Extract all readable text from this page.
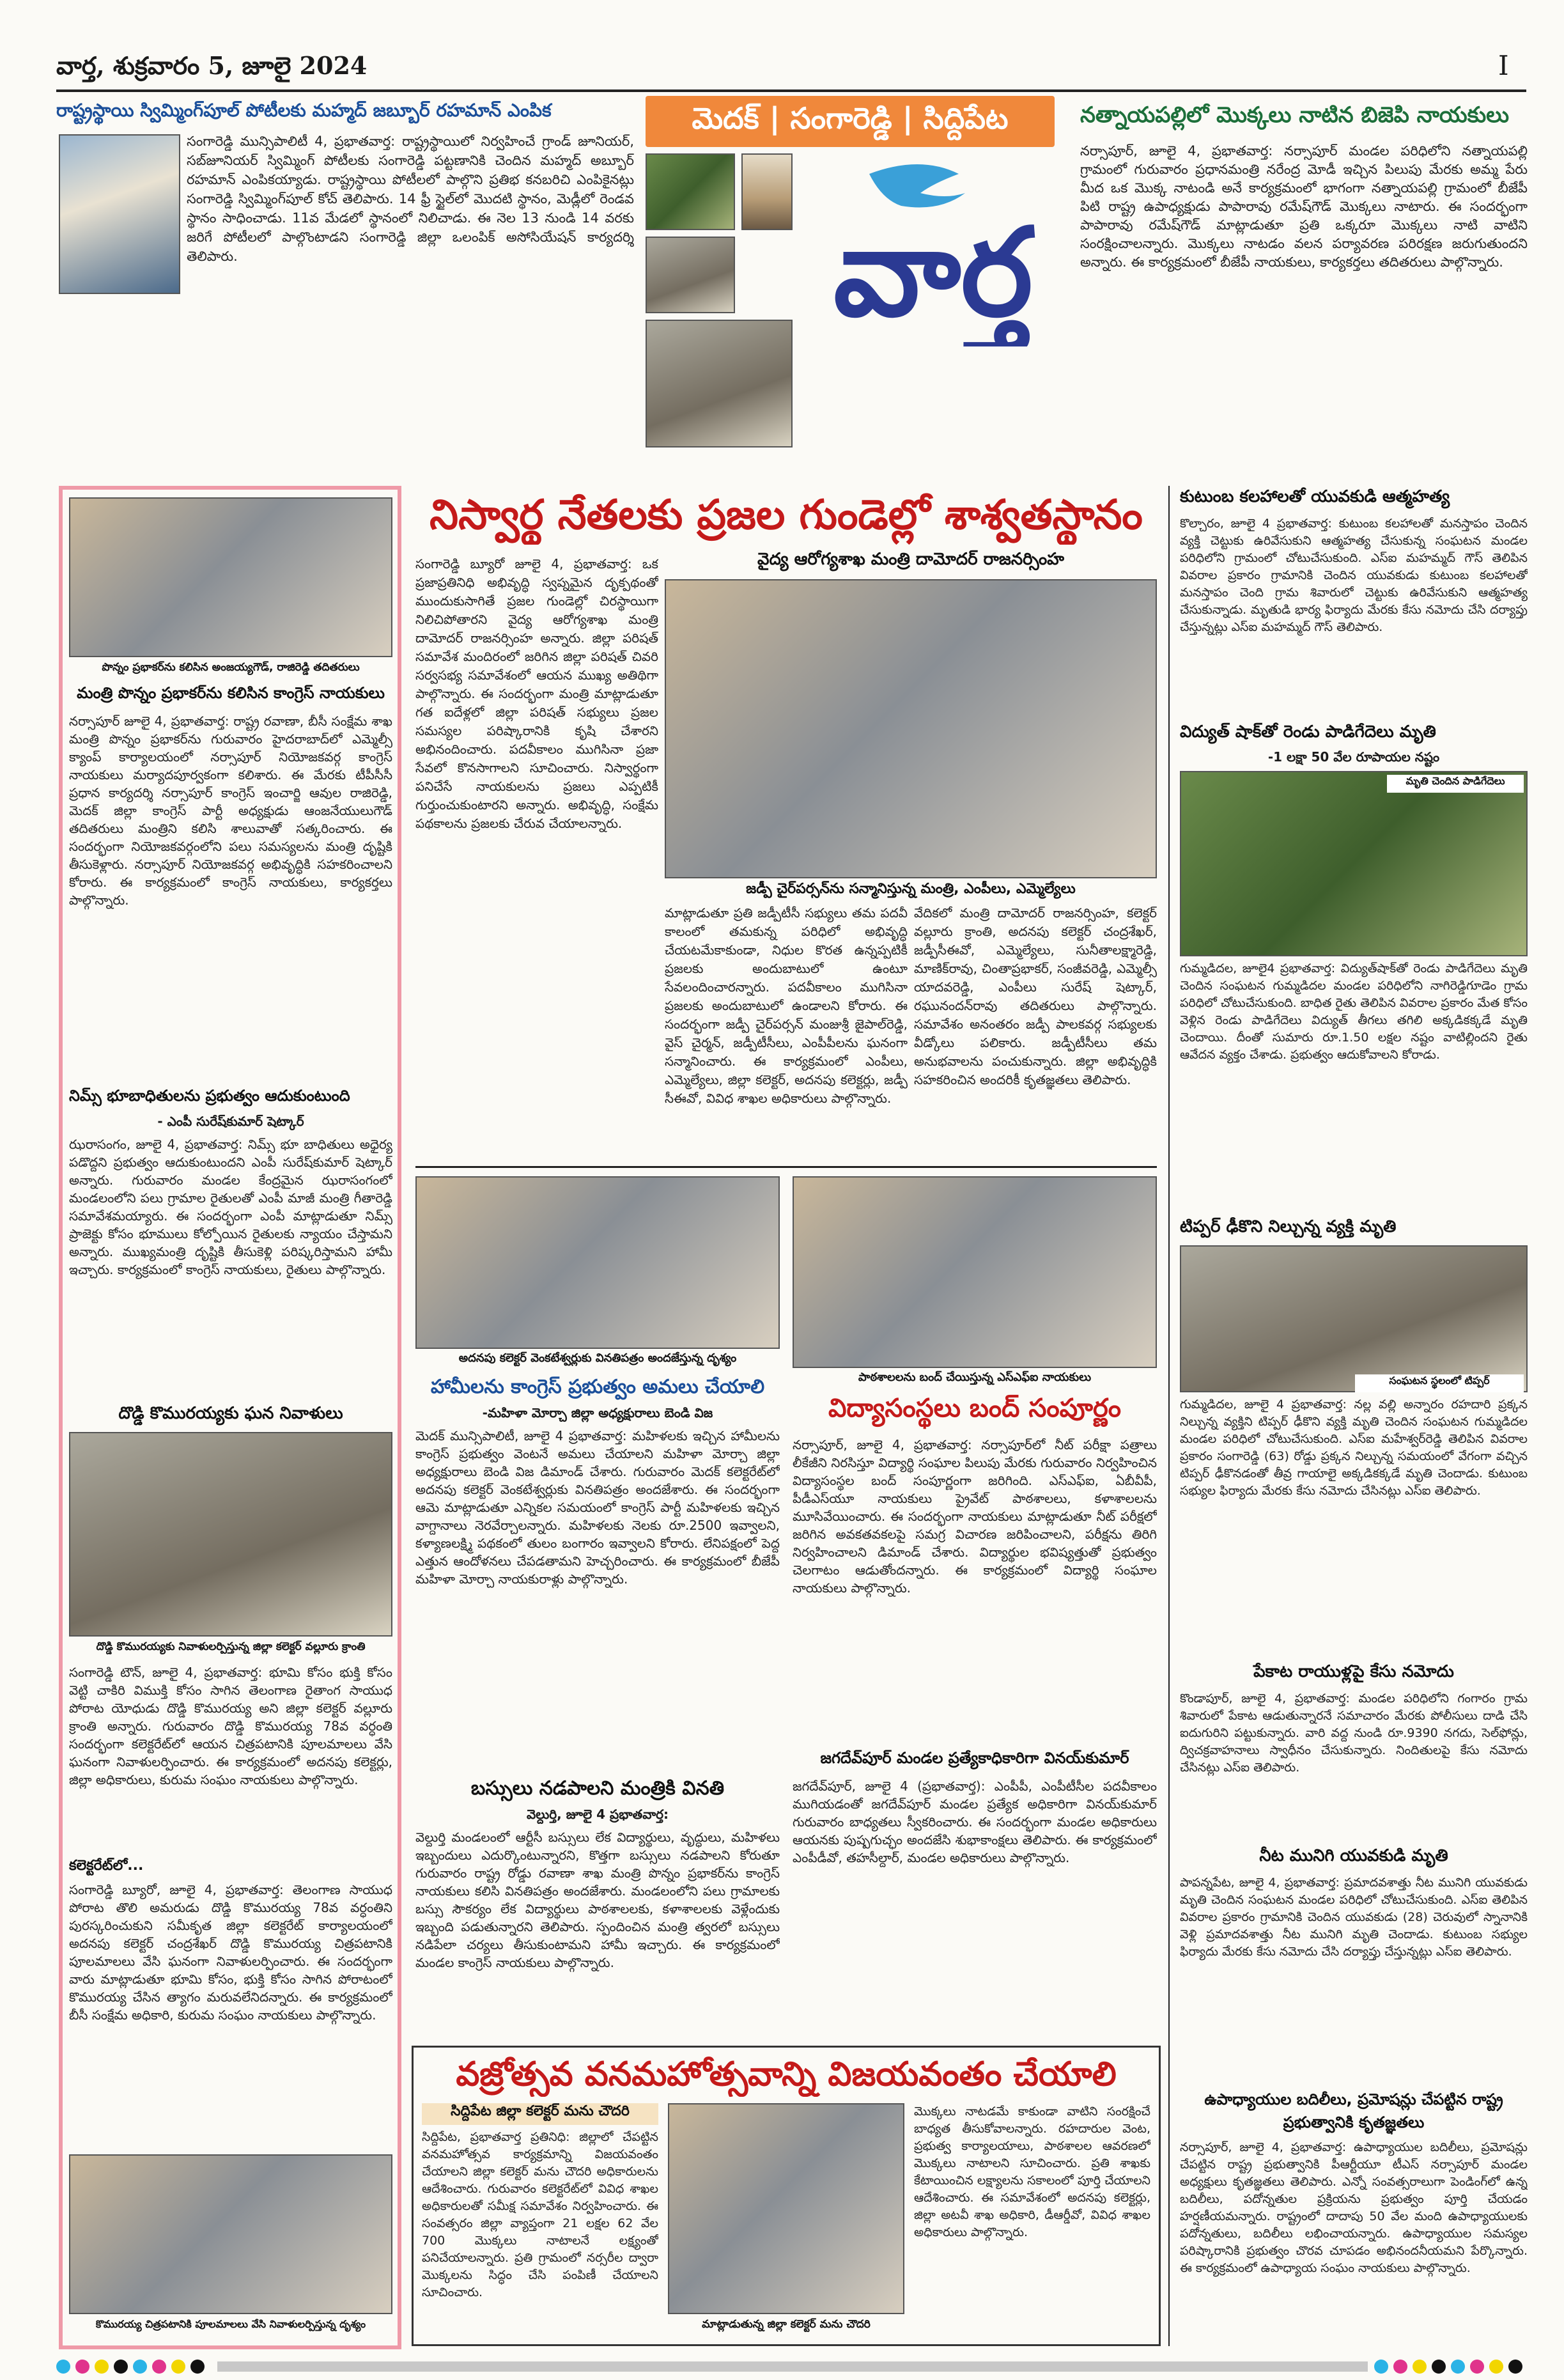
వార్త, శుక్రవారం 5, జూలై 2024	I
రాష్ట్రస్థాయి స్విమ్మింగ్‌పూల్ పోటీలకు మహ్మద్ జబ్బూర్ రహమాన్ ఎంపిక
సంగారెడ్డి మున్సిపాలిటీ 4, ప్రభాతవార్త: రాష్ట్రస్థాయిలో నిర్వహించే గ్రాండ్ జూనియర్, సబ్‌జూనియర్ స్విమ్మింగ్ పోటీలకు సంగారెడ్డి పట్టణానికి చెందిన మహ్మద్ అబ్బూర్ రహమాన్ ఎంపికయ్యాడు. రాష్ట్రస్థాయి పోటీలలో పాల్గొని ప్రతిభ కనబరిచి ఎంపికైనట్లు సంగారెడ్డి స్విమ్మింగ్‌పూల్ కోచ్ తెలిపారు. 14 ఫ్రీ స్టైల్‌లో మొదటి స్థానం, మెడ్లీలో రెండవ స్థానం సాధించాడు. 11వ మేడలో స్థానంలో నిలిచాడు. ఈ నెల 13 నుండి 14 వరకు జరిగే పోటీలలో పాల్గొంటాడని సంగారెడ్డి జిల్లా ఒలంపిక్ అసోసియేషన్ కార్యదర్శి తెలిపారు.
మెదక్ | సంగారెడ్డి | సిద్దిపేట
వార్త
నత్నాయపల్లిలో మొక్కలు నాటిన బిజెపి నాయకులు
నర్సాపూర్, జూలై 4, ప్రభాతవార్త: నర్సాపూర్ మండల పరిధిలోని నత్నాయపల్లి గ్రామంలో గురువారం ప్రధానమంత్రి నరేంద్ర మోడీ ఇచ్చిన పిలుపు మేరకు అమ్మ పేరు మీద ఒక మొక్క నాటండి అనే కార్యక్రమంలో భాగంగా నత్నాయపల్లి గ్రామంలో బీజేపీ పిటి రాష్ట్ర ఉపాధ్యక్షుడు పాపారావు రమేష్‌గౌడ్ మొక్కలు నాటారు. ఈ సందర్భంగా పాపారావు రమేష్‌గౌడ్ మాట్లాడుతూ ప్రతి ఒక్కరూ మొక్కలు నాటి వాటిని సంరక్షించాలన్నారు. మొక్కలు నాటడం వలన పర్యావరణ పరిరక్షణ జరుగుతుందని అన్నారు. ఈ కార్యక్రమంలో బీజేపీ నాయకులు, కార్యకర్తలు తదితరులు పాల్గొన్నారు.
పొన్నం ప్రభాకర్‌ను కలిసిన అంజయ్యగౌడ్, రాజిరెడ్డి తదితరులు
మంత్రి పొన్నం ప్రభాకర్‌ను కలిసిన కాంగ్రెస్ నాయకులు
నర్సాపూర్ జూలై 4, ప్రభాతవార్త: రాష్ట్ర రవాణా, బీసీ సంక్షేమ శాఖ మంత్రి పొన్నం ప్రభాకర్‌ను గురువారం హైదరాబాద్‌లో ఎమ్మెల్సీ క్యాంప్ కార్యాలయంలో నర్సాపూర్ నియోజకవర్గ కాంగ్రెస్ నాయకులు మర్యాదపూర్వకంగా కలిశారు. ఈ మేరకు టీపీసీసీ ప్రధాన కార్యదర్శి నర్సాపూర్ కాంగ్రెస్ ఇంచార్జి ఆవుల రాజిరెడ్డి, మెదక్ జిల్లా కాంగ్రెస్ పార్టీ అధ్యక్షుడు ఆంజనేయులుగౌడ్ తదితరులు మంత్రిని కలిసి శాలువాతో సత్కరించారు. ఈ సందర్భంగా నియోజకవర్గంలోని పలు సమస్యలను మంత్రి దృష్టికి తీసుకెళ్లారు. నర్సాపూర్ నియోజకవర్గ అభివృద్ధికి సహకరించాలని కోరారు. ఈ కార్యక్రమంలో కాంగ్రెస్ నాయకులు, కార్యకర్తలు పాల్గొన్నారు.
నిమ్స్ భూబాధితులను ప్రభుత్వం ఆదుకుంటుంది
- ఎంపీ సురేష్‌కుమార్ షెట్కార్
ఝరాసంగం, జూలై 4, ప్రభాతవార్త: నిమ్స్ భూ బాధితులు అధైర్య పడొద్దని ప్రభుత్వం ఆదుకుంటుందని ఎంపీ సురేష్‌కుమార్ షెట్కార్ అన్నారు. గురువారం మండల కేంద్రమైన ఝరాసంగంలో మండలంలోని పలు గ్రామాల రైతులతో ఎంపీ మాజీ మంత్రి గీతారెడ్డి సమావేశమయ్యారు. ఈ సందర్భంగా ఎంపీ మాట్లాడుతూ నిమ్స్ ప్రాజెక్టు కోసం భూములు కోల్పోయిన రైతులకు న్యాయం చేస్తామని అన్నారు. ముఖ్యమంత్రి దృష్టికి తీసుకెళ్లి పరిష్కరిస్తామని హామీ ఇచ్చారు. కార్యక్రమంలో కాంగ్రెస్ నాయకులు, రైతులు పాల్గొన్నారు.
దొడ్డి కొమురయ్యకు ఘన నివాళులు
దొడ్డి కొమురయ్యకు నివాళులర్పిస్తున్న జిల్లా కలెక్టర్ వల్లూరు క్రాంతి
సంగారెడ్డి టౌన్, జూలై 4, ప్రభాతవార్త: భూమి కోసం భుక్తి కోసం వెట్టి చాకిరి విముక్తి కోసం సాగిన తెలంగాణ రైతాంగ సాయుధ పోరాట యోధుడు దొడ్డి కొమురయ్య అని జిల్లా కలెక్టర్ వల్లూరు క్రాంతి అన్నారు. గురువారం దొడ్డి కొమురయ్య 78వ వర్ధంతి సందర్భంగా కలెక్టరేట్‌లో ఆయన చిత్రపటానికి పూలమాలలు వేసి ఘనంగా నివాళులర్పించారు. ఈ కార్యక్రమంలో అదనపు కలెక్టర్లు, జిల్లా అధికారులు, కురుమ సంఘం నాయకులు పాల్గొన్నారు.
కలెక్టరేట్‌లో...
సంగారెడ్డి బ్యూరో, జూలై 4, ప్రభాతవార్త: తెలంగాణ సాయుధ పోరాట తొలి అమరుడు దొడ్డి కొమురయ్య 78వ వర్ధంతిని పురస్కరించుకుని సమీకృత జిల్లా కలెక్టరేట్ కార్యాలయంలో అదనపు కలెక్టర్ చంద్రశేఖర్ దొడ్డి కొమురయ్య చిత్రపటానికి పూలమాలలు వేసి ఘనంగా నివాళులర్పించారు. ఈ సందర్భంగా వారు మాట్లాడుతూ భూమి కోసం, భుక్తి కోసం సాగిన పోరాటంలో కొమురయ్య చేసిన త్యాగం మరువలేనిదన్నారు. ఈ కార్యక్రమంలో బీసీ సంక్షేమ అధికారి, కురుమ సంఘం నాయకులు పాల్గొన్నారు.
కొమురయ్య చిత్రపటానికి పూలమాలలు వేసి నివాళులర్పిస్తున్న దృశ్యం
నిస్వార్థ నేతలకు ప్రజల గుండెల్లో శాశ్వతస్థానం
సంగారెడ్డి బ్యూరో జూలై 4, ప్రభాతవార్త: ఒక ప్రజాప్రతినిధి అభివృద్ధి స్వప్నమైన దృక్పథంతో ముందుకుసాగితే ప్రజల గుండెల్లో చిరస్థాయిగా నిలిచిపోతారని వైద్య ఆరోగ్యశాఖ మంత్రి దామోదర్ రాజనర్సింహ అన్నారు. జిల్లా పరిషత్ సమావేశ మందిరంలో జరిగిన జిల్లా పరిషత్ చివరి సర్వసభ్య సమావేశంలో ఆయన ముఖ్య అతిథిగా పాల్గొన్నారు. ఈ సందర్భంగా మంత్రి మాట్లాడుతూ గత ఐదేళ్లలో జిల్లా పరిషత్ సభ్యులు ప్రజల సమస్యల పరిష్కారానికి కృషి చేశారని అభినందించారు. పదవీకాలం ముగిసినా ప్రజా సేవలో కొనసాగాలని సూచించారు. నిస్వార్థంగా పనిచేసే నాయకులను ప్రజలు ఎప్పటికీ గుర్తుంచుకుంటారని అన్నారు. అభివృద్ధి, సంక్షేమ పథకాలను ప్రజలకు చేరువ చేయాలన్నారు.
వైద్య ఆరోగ్యశాఖ మంత్రి దామోదర్ రాజనర్సింహ
జడ్పీ చైర్‌పర్సన్‌ను సన్మానిస్తున్న మంత్రి, ఎంపీలు, ఎమ్మెల్యేలు
మాట్లాడుతూ ప్రతి జడ్పీటీసీ సభ్యులు తమ పదవీ కాలంలో తమకున్న పరిధిలో అభివృద్ధి చేయటమేకాకుండా, నిధుల కొరత ఉన్నప్పటికీ ప్రజలకు అందుబాటులో ఉంటూ సేవలందించారన్నారు. పదవీకాలం ముగిసినా ప్రజలకు అందుబాటులో ఉండాలని కోరారు. ఈ సందర్భంగా జడ్పీ చైర్‌పర్సన్ మంజుశ్రీ జైపాల్‌రెడ్డి, వైస్ చైర్మన్, జడ్పీటీసీలు, ఎంపీపీలను ఘనంగా సన్మానించారు. ఈ కార్యక్రమంలో ఎంపీలు, ఎమ్మెల్యేలు, జిల్లా కలెక్టర్, అదనపు కలెక్టర్లు, జడ్పీ సీఈవో, వివిధ శాఖల అధికారులు పాల్గొన్నారు.
వేదికలో మంత్రి దామోదర్ రాజనర్సింహ, కలెక్టర్ వల్లూరు క్రాంతి, అదనపు కలెక్టర్ చంద్రశేఖర్, జడ్పీసీఈవో, ఎమ్మెల్యేలు, సునీతాలక్ష్మారెడ్డి, మాణిక్‌రావు, చింతాప్రభాకర్, సంజీవరెడ్డి, ఎమ్మెల్సీ యాదవరెడ్డి, ఎంపీలు సురేష్ షెట్కార్, రఘునందన్‌రావు తదితరులు పాల్గొన్నారు. సమావేశం అనంతరం జడ్పీ పాలకవర్గ సభ్యులకు వీడ్కోలు పలికారు. జడ్పీటీసీలు తమ అనుభవాలను పంచుకున్నారు. జిల్లా అభివృద్ధికి సహకరించిన అందరికీ కృతజ్ఞతలు తెలిపారు.
అదనపు కలెక్టర్ వెంకటేశ్వర్లుకు వినతిపత్రం అందజేస్తున్న దృశ్యం
హామీలను కాంగ్రెస్ ప్రభుత్వం అమలు చేయాలి
-మహిళా మోర్చా జిల్లా అధ్యక్షురాలు బెండి విజ
మెదక్ మున్సిపాలిటీ, జూలై 4 ప్రభాతవార్త: మహిళలకు ఇచ్చిన హామీలను కాంగ్రెస్ ప్రభుత్వం వెంటనే అమలు చేయాలని మహిళా మోర్చా జిల్లా అధ్యక్షురాలు బెండి విజ డిమాండ్ చేశారు. గురువారం మెదక్ కలెక్టరేట్‌లో అదనపు కలెక్టర్ వెంకటేశ్వర్లుకు వినతిపత్రం అందజేశారు. ఈ సందర్భంగా ఆమె మాట్లాడుతూ ఎన్నికల సమయంలో కాంగ్రెస్ పార్టీ మహిళలకు ఇచ్చిన వాగ్దానాలు నెరవేర్చాలన్నారు. మహిళలకు నెలకు రూ.2500 ఇవ్వాలని, కళ్యాణలక్ష్మి పథకంలో తులం బంగారం ఇవ్వాలని కోరారు. లేనిపక్షంలో పెద్ద ఎత్తున ఆందోళనలు చేపడతామని హెచ్చరించారు. ఈ కార్యక్రమంలో బీజేపీ మహిళా మోర్చా నాయకురాళ్లు పాల్గొన్నారు.
బస్సులు నడపాలని మంత్రికి వినతి
వెల్దుర్తి, జూలై 4 ప్రభాతవార్త:
వెల్దుర్తి మండలంలో ఆర్టీసీ బస్సులు లేక విద్యార్థులు, వృద్ధులు, మహిళలు ఇబ్బందులు ఎదుర్కొంటున్నారని, కొత్తగా బస్సులు నడపాలని కోరుతూ గురువారం రాష్ట్ర రోడ్డు రవాణా శాఖ మంత్రి పొన్నం ప్రభాకర్‌ను కాంగ్రెస్ నాయకులు కలిసి వినతిపత్రం అందజేశారు. మండలంలోని పలు గ్రామాలకు బస్సు సౌకర్యం లేక విద్యార్థులు పాఠశాలలకు, కళాశాలలకు వెళ్లేందుకు ఇబ్బంది పడుతున్నారని తెలిపారు. స్పందించిన మంత్రి త్వరలో బస్సులు నడిపేలా చర్యలు తీసుకుంటామని హామీ ఇచ్చారు. ఈ కార్యక్రమంలో మండల కాంగ్రెస్ నాయకులు పాల్గొన్నారు.
పాఠశాలలను బంద్ చేయిస్తున్న ఎస్ఎఫ్ఐ నాయకులు
విద్యాసంస్థలు బంద్ సంపూర్ణం
నర్సాపూర్, జూలై 4, ప్రభాతవార్త: నర్సాపూర్‌లో నీట్ పరీక్షా పత్రాలు లీకేజీని నిరసిస్తూ విద్యార్థి సంఘాల పిలుపు మేరకు గురువారం నిర్వహించిన విద్యాసంస్థల బంద్ సంపూర్ణంగా జరిగింది. ఎస్ఎఫ్ఐ, ఏబీవీపీ, పీడీఎస్‌యూ నాయకులు ప్రైవేట్ పాఠశాలలు, కళాశాలలను మూసివేయించారు. ఈ సందర్భంగా నాయకులు మాట్లాడుతూ నీట్ పరీక్షలో జరిగిన అవకతవకలపై సమగ్ర విచారణ జరిపించాలని, పరీక్షను తిరిగి నిర్వహించాలని డిమాండ్ చేశారు. విద్యార్థుల భవిష్యత్తుతో ప్రభుత్వం చెలగాటం ఆడుతోందన్నారు. ఈ కార్యక్రమంలో విద్యార్థి సంఘాల నాయకులు పాల్గొన్నారు.
జగదేవ్‌పూర్ మండల ప్రత్యేకాధికారిగా వినయ్‌కుమార్
జగదేవ్‌పూర్, జూలై 4 (ప్రభాతవార్త): ఎంపీపీ, ఎంపీటీసీల పదవీకాలం ముగియడంతో జగదేవ్‌పూర్ మండల ప్రత్యేక అధికారిగా వినయ్‌కుమార్ గురువారం బాధ్యతలు స్వీకరించారు. ఈ సందర్భంగా మండల అధికారులు ఆయనకు పుష్పగుచ్ఛం అందజేసి శుభాకాంక్షలు తెలిపారు. ఈ కార్యక్రమంలో ఎంపీడీవో, తహసీల్దార్, మండల అధికారులు పాల్గొన్నారు.
వజ్రోత్సవ వనమహోత్సవాన్ని విజయవంతం చేయాలి
సిద్దిపేట జిల్లా కలెక్టర్ మను చౌదరి
సిద్దిపేట, ప్రభాతవార్త ప్రతినిధి: జిల్లాలో చేపట్టిన వనమహోత్సవ కార్యక్రమాన్ని విజయవంతం చేయాలని జిల్లా కలెక్టర్ మను చౌదరి అధికారులను ఆదేశించారు. గురువారం కలెక్టరేట్‌లో వివిధ శాఖల అధికారులతో సమీక్ష సమావేశం నిర్వహించారు. ఈ సంవత్సరం జిల్లా వ్యాప్తంగా 21 లక్షల 62 వేల 700 మొక్కలు నాటాలనే లక్ష్యంతో పనిచేయాలన్నారు. ప్రతి గ్రామంలో నర్సరీల ద్వారా మొక్కలను సిద్ధం చేసి పంపిణీ చేయాలని సూచించారు.
మాట్లాడుతున్న జిల్లా కలెక్టర్ మను చౌదరి
మొక్కలు నాటడమే కాకుండా వాటిని సంరక్షించే బాధ్యత తీసుకోవాలన్నారు. రహదారుల వెంట, ప్రభుత్వ కార్యాలయాలు, పాఠశాలల ఆవరణలో మొక్కలు నాటాలని సూచించారు. ప్రతి శాఖకు కేటాయించిన లక్ష్యాలను సకాలంలో పూర్తి చేయాలని ఆదేశించారు. ఈ సమావేశంలో అదనపు కలెక్టర్లు, జిల్లా అటవీ శాఖ అధికారి, డీఆర్డీవో, వివిధ శాఖల అధికారులు పాల్గొన్నారు.
కుటుంబ కలహాలతో యువకుడి ఆత్మహత్య
కొల్చారం, జూలై 4 ప్రభాతవార్త: కుటుంబ కలహాలతో మనస్తాపం చెందిన వ్యక్తి చెట్టుకు ఉరివేసుకుని ఆత్మహత్య చేసుకున్న సంఘటన మండల పరిధిలోని గ్రామంలో చోటుచేసుకుంది. ఎస్ఐ మహమ్మద్ గౌస్ తెలిపిన వివరాల ప్రకారం గ్రామానికి చెందిన యువకుడు కుటుంబ కలహాలతో మనస్తాపం చెంది గ్రామ శివారులో చెట్టుకు ఉరివేసుకుని ఆత్మహత్య చేసుకున్నాడు. మృతుడి భార్య ఫిర్యాదు మేరకు కేసు నమోదు చేసి దర్యాప్తు చేస్తున్నట్లు ఎస్ఐ మహమ్మద్ గౌస్ తెలిపారు.
విద్యుత్ షాక్‌తో రెండు పాడిగేదెలు మృతి
-1 లక్షా 50 వేల రూపాయల నష్టం
మృతి చెందిన పాడిగేదెలు
గుమ్మడిదల, జూలై4 ప్రభాతవార్త: విద్యుత్‌షాక్‌తో రెండు పాడిగేదెలు మృతి చెందిన సంఘటన గుమ్మడిదల మండల పరిధిలోని నాగిరెడ్డిగూడెం గ్రామ పరిధిలో చోటుచేసుకుంది. బాధిత రైతు తెలిపిన వివరాల ప్రకారం మేత కోసం వెళ్లిన రెండు పాడిగేదెలు విద్యుత్ తీగలు తగిలి అక్కడికక్కడే మృతి చెందాయి. దీంతో సుమారు రూ.1.50 లక్షల నష్టం వాటిల్లిందని రైతు ఆవేదన వ్యక్తం చేశాడు. ప్రభుత్వం ఆదుకోవాలని కోరాడు.
టిప్పర్ ఢీకొని నిల్చున్న వ్యక్తి మృతి
సంఘటన స్థలంలో టిప్పర్
గుమ్మడిదల, జూలై 4 ప్రభాతవార్త: నల్ల వల్లి అన్నారం రహదారి ప్రక్కన నిల్చున్న వ్యక్తిని టిప్పర్ ఢీకొని వ్యక్తి మృతి చెందిన సంఘటన గుమ్మడిదల మండల పరిధిలో చోటుచేసుకుంది. ఎస్ఐ మహేశ్వర్‌రెడ్డి తెలిపిన వివరాల ప్రకారం సంగారెడ్డి (63) రోడ్డు ప్రక్కన నిల్చున్న సమయంలో వేగంగా వచ్చిన టిప్పర్ ఢీకొనడంతో తీవ్ర గాయాలై అక్కడికక్కడే మృతి చెందాడు. కుటుంబ సభ్యుల ఫిర్యాదు మేరకు కేసు నమోదు చేసినట్లు ఎస్ఐ తెలిపారు.
పేకాట రాయుళ్లపై కేసు నమోదు
కొండాపూర్, జూలై 4, ప్రభాతవార్త: మండల పరిధిలోని గంగారం గ్రామ శివారులో పేకాట ఆడుతున్నారనే సమాచారం మేరకు పోలీసులు దాడి చేసి ఐదుగురిని పట్టుకున్నారు. వారి వద్ద నుండి రూ.9390 నగదు, సెల్‌ఫోన్లు, ద్విచక్రవాహనాలు స్వాధీనం చేసుకున్నారు. నిందితులపై కేసు నమోదు చేసినట్లు ఎస్ఐ తెలిపారు.
నీట మునిగి యువకుడి మృతి
పాపన్నపేట, జూలై 4, ప్రభాతవార్త: ప్రమాదవశాత్తు నీట మునిగి యువకుడు మృతి చెందిన సంఘటన మండల పరిధిలో చోటుచేసుకుంది. ఎస్ఐ తెలిపిన వివరాల ప్రకారం గ్రామానికి చెందిన యువకుడు (28) చెరువులో స్నానానికి వెళ్లి ప్రమాదవశాత్తు నీట మునిగి మృతి చెందాడు. కుటుంబ సభ్యుల ఫిర్యాదు మేరకు కేసు నమోదు చేసి దర్యాప్తు చేస్తున్నట్లు ఎస్ఐ తెలిపారు.
ఉపాధ్యాయుల బదిలీలు, ప్రమోషన్లు చేపట్టిన రాష్ట్ర ప్రభుత్వానికి కృతజ్ఞతలు
నర్సాపూర్, జూలై 4, ప్రభాతవార్త: ఉపాధ్యాయుల బదిలీలు, ప్రమోషన్లు చేపట్టిన రాష్ట్ర ప్రభుత్వానికి పీఆర్టీయూ టీఎస్ నర్సాపూర్ మండల అధ్యక్షులు కృతజ్ఞతలు తెలిపారు. ఎన్నో సంవత్సరాలుగా పెండింగ్‌లో ఉన్న బదిలీలు, పదోన్నతుల ప్రక్రియను ప్రభుత్వం పూర్తి చేయడం హర్షణీయమన్నారు. రాష్ట్రంలో దాదాపు 50 వేల మంది ఉపాధ్యాయులకు పదోన్నతులు, బదిలీలు లభించాయన్నారు. ఉపాధ్యాయుల సమస్యల పరిష్కారానికి ప్రభుత్వం చొరవ చూపడం అభినందనీయమని పేర్కొన్నారు. ఈ కార్యక్రమంలో ఉపాధ్యాయ సంఘం నాయకులు పాల్గొన్నారు.
